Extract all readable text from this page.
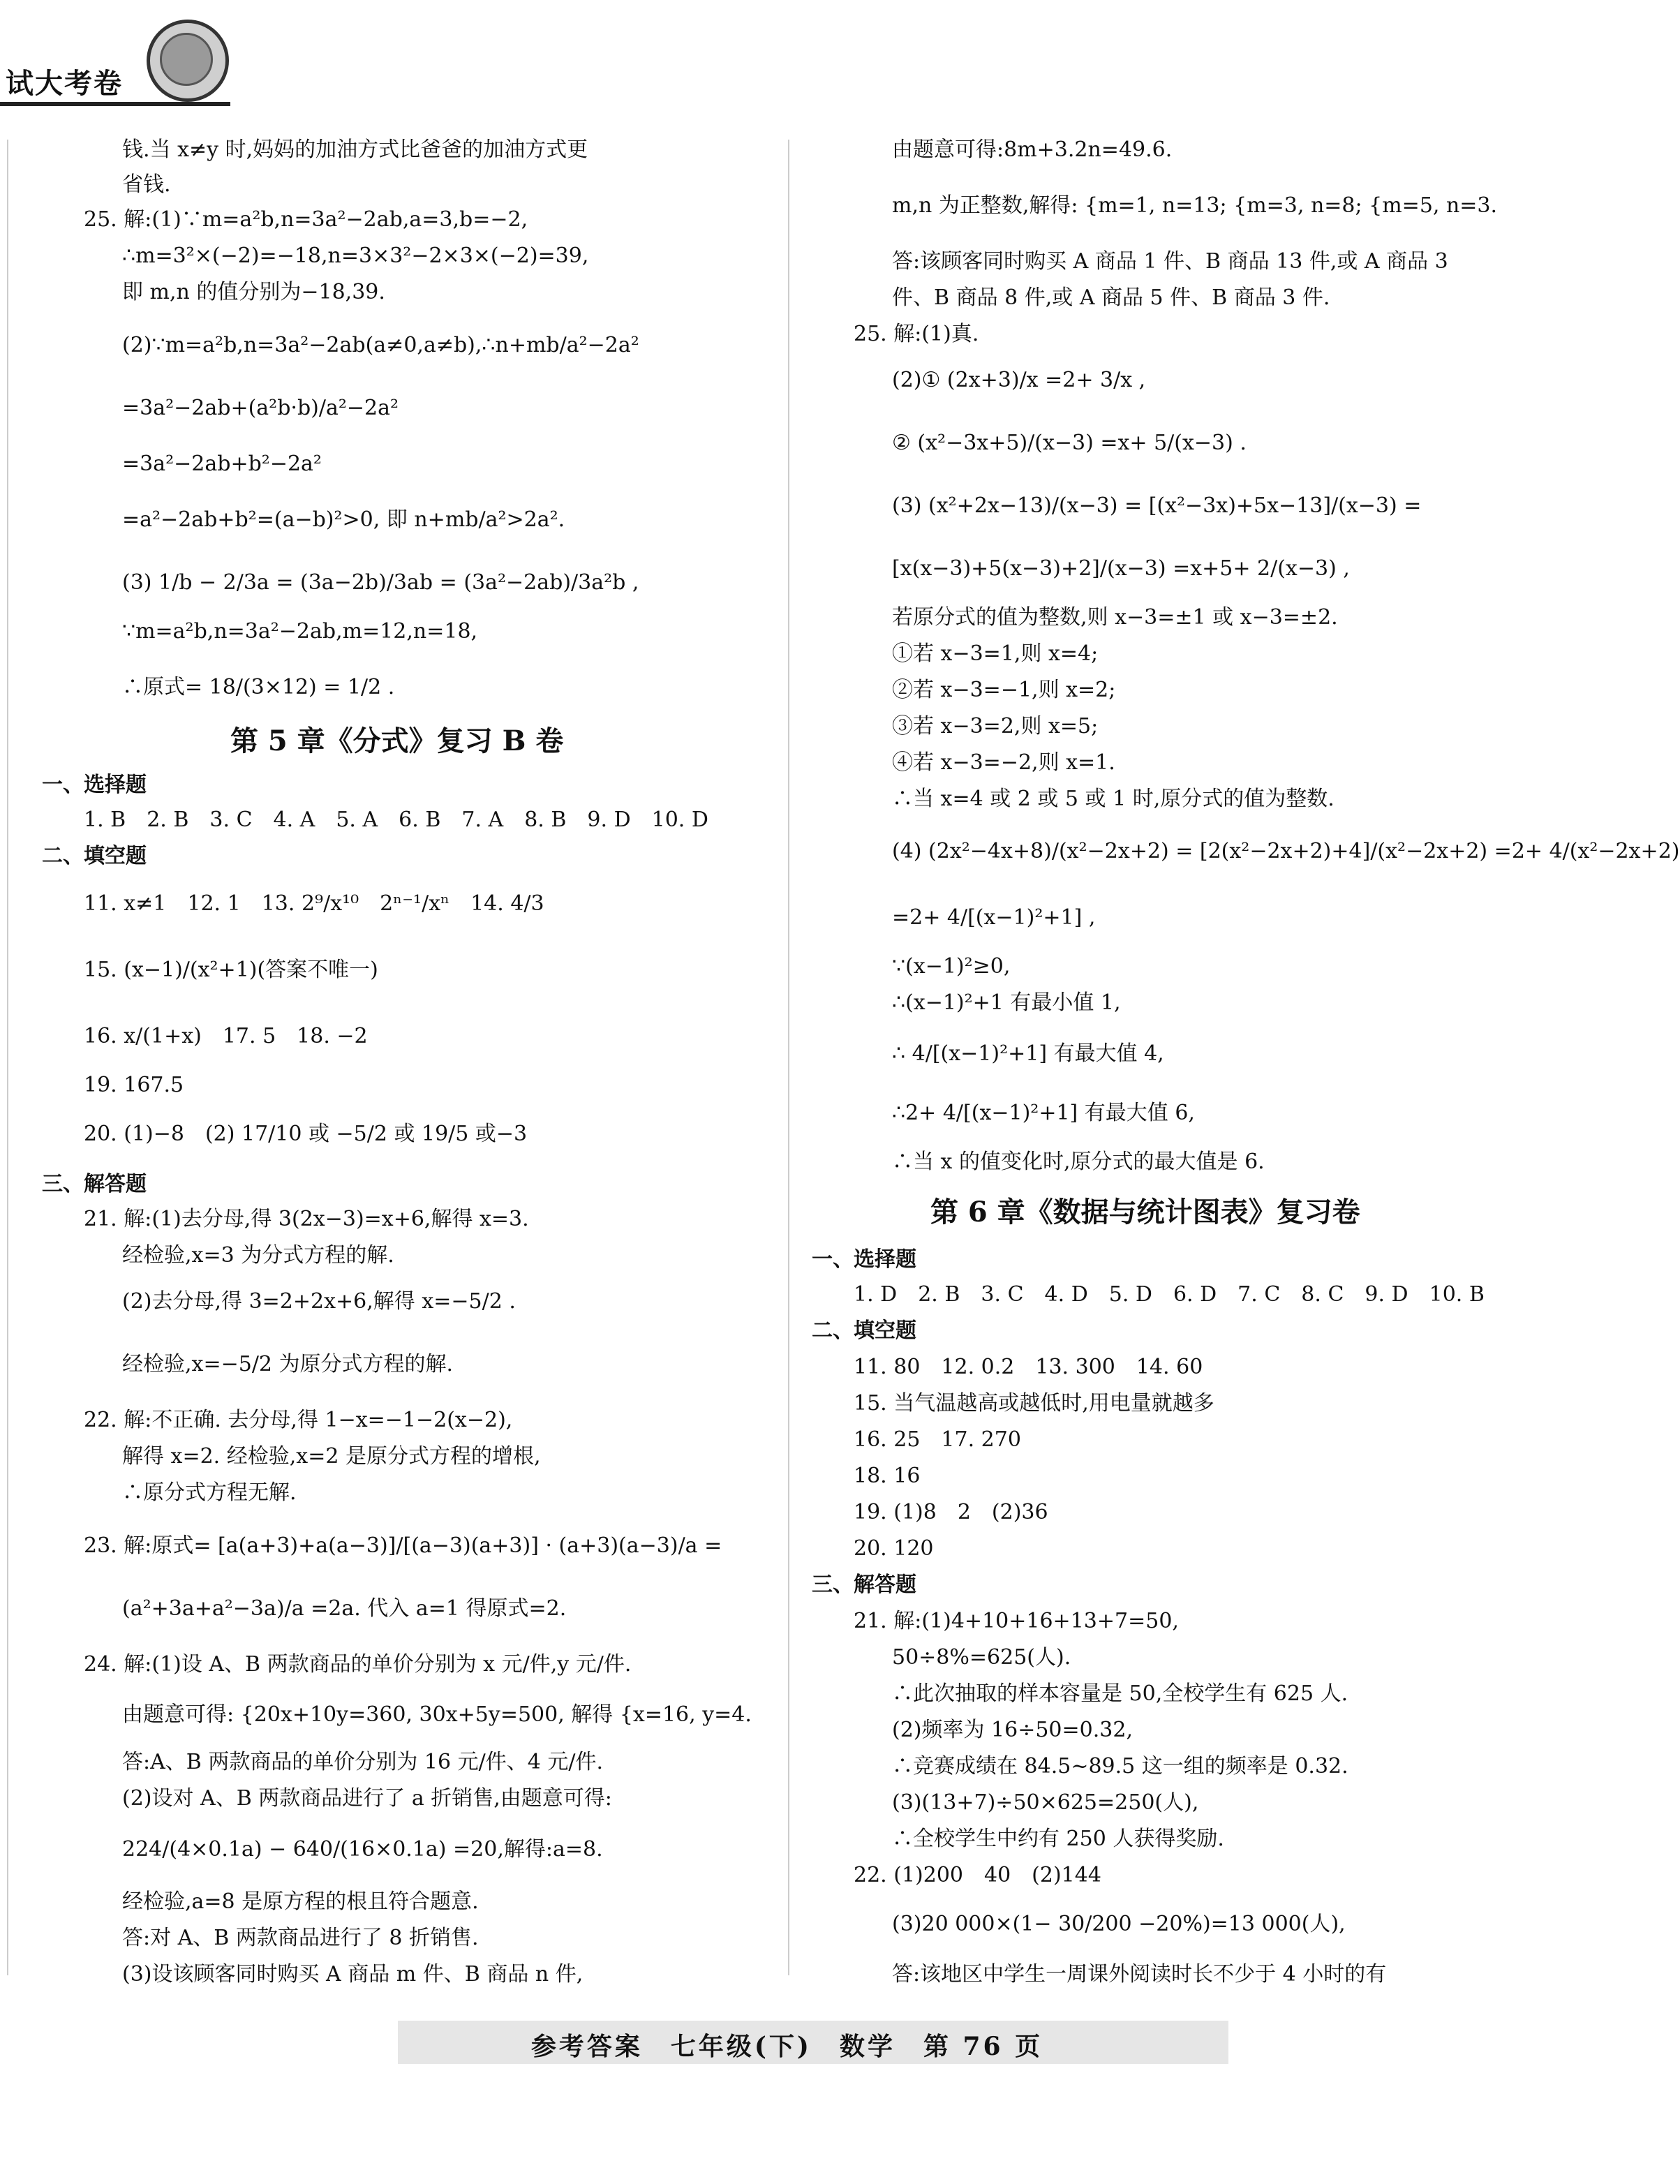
试大考卷
钱.当 x≠y 时,妈妈的加油方式比爸爸的加油方式更
省钱.
25. 解:(1)∵m=a²b,n=3a²−2ab,a=3,b=−2,
∴m=3²×(−2)=−18,n=3×3²−2×3×(−2)=39,
即 m,n 的值分别为−18,39.
(2)∵m=a²b,n=3a²−2ab(a≠0,a≠b),∴n+mb/a²−2a²
=3a²−2ab+(a²b·b)/a²−2a²
=3a²−2ab+b²−2a²
=a²−2ab+b²=(a−b)²>0, 即 n+mb/a²>2a².
(3) 1/b − 2/3a = (3a−2b)/3ab = (3a²−2ab)/3a²b ,
∵m=a²b,n=3a²−2ab,m=12,n=18,
∴原式= 18/(3×12) = 1/2 .
第 5 章《分式》复习 B 卷
一、选择题
1. B　2. B　3. C　4. A　5. A　6. B　7. A　8. B　9. D　10. D
二、填空题
11. x≠1　12. 1　13. 2⁹/x¹⁰　2ⁿ⁻¹/xⁿ　14. 4/3
15. (x−1)/(x²+1)(答案不唯一)
16. x/(1+x)　17. 5　18. −2
19. 167.5
20. (1)−8　(2) 17/10 或 −5/2 或 19/5 或−3
三、解答题
21. 解:(1)去分母,得 3(2x−3)=x+6,解得 x=3.
经检验,x=3 为分式方程的解.
(2)去分母,得 3=2+2x+6,解得 x=−5/2 .
经检验,x=−5/2 为原分式方程的解.
22. 解:不正确. 去分母,得 1−x=−1−2(x−2),
解得 x=2. 经检验,x=2 是原分式方程的增根,
∴原分式方程无解.
23. 解:原式= [a(a+3)+a(a−3)]/[(a−3)(a+3)] · (a+3)(a−3)/a =
(a²+3a+a²−3a)/a =2a. 代入 a=1 得原式=2.
24. 解:(1)设 A、B 两款商品的单价分别为 x 元/件,y 元/件.
由题意可得: {20x+10y=360, 30x+5y=500, 解得 {x=16, y=4.
答:A、B 两款商品的单价分别为 16 元/件、4 元/件.
(2)设对 A、B 两款商品进行了 a 折销售,由题意可得:
224/(4×0.1a) − 640/(16×0.1a) =20,解得:a=8.
经检验,a=8 是原方程的根且符合题意.
答:对 A、B 两款商品进行了 8 折销售.
(3)设该顾客同时购买 A 商品 m 件、B 商品 n 件,
由题意可得:8m+3.2n=49.6.
m,n 为正整数,解得: {m=1, n=13; {m=3, n=8; {m=5, n=3.
答:该顾客同时购买 A 商品 1 件、B 商品 13 件,或 A 商品 3
件、B 商品 8 件,或 A 商品 5 件、B 商品 3 件.
25. 解:(1)真.
(2)① (2x+3)/x =2+ 3/x ,
② (x²−3x+5)/(x−3) =x+ 5/(x−3) .
(3) (x²+2x−13)/(x−3) = [(x²−3x)+5x−13]/(x−3) =
[x(x−3)+5(x−3)+2]/(x−3) =x+5+ 2/(x−3) ,
若原分式的值为整数,则 x−3=±1 或 x−3=±2.
①若 x−3=1,则 x=4;
②若 x−3=−1,则 x=2;
③若 x−3=2,则 x=5;
④若 x−3=−2,则 x=1.
∴当 x=4 或 2 或 5 或 1 时,原分式的值为整数.
(4) (2x²−4x+8)/(x²−2x+2) = [2(x²−2x+2)+4]/(x²−2x+2) =2+ 4/(x²−2x+2)
=2+ 4/[(x−1)²+1] ,
∵(x−1)²≥0,
∴(x−1)²+1 有最小值 1,
∴ 4/[(x−1)²+1] 有最大值 4,
∴2+ 4/[(x−1)²+1] 有最大值 6,
∴当 x 的值变化时,原分式的最大值是 6.
第 6 章《数据与统计图表》复习卷
一、选择题
1. D　2. B　3. C　4. D　5. D　6. D　7. C　8. C　9. D　10. B
二、填空题
11. 80　12. 0.2　13. 300　14. 60
15. 当气温越高或越低时,用电量就越多
16. 25　17. 270
18. 16
19. (1)8　2　(2)36
20. 120
三、解答题
21. 解:(1)4+10+16+13+7=50,
50÷8%=625(人).
∴此次抽取的样本容量是 50,全校学生有 625 人.
(2)频率为 16÷50=0.32,
∴竞赛成绩在 84.5~89.5 这一组的频率是 0.32.
(3)(13+7)÷50×625=250(人),
∴全校学生中约有 250 人获得奖励.
22. (1)200　40　(2)144
(3)20 000×(1− 30/200 −20%)=13 000(人),
答:该地区中学生一周课外阅读时长不少于 4 小时的有
参考答案　七年级(下)　数学　第 76 页
